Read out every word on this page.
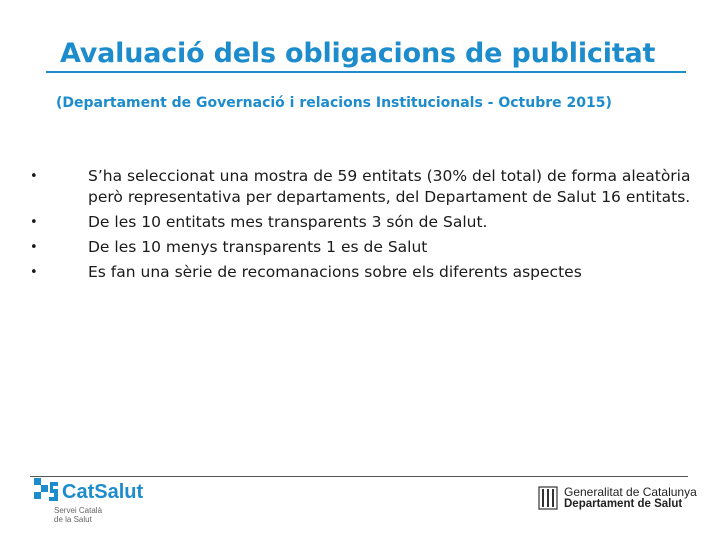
Avaluació dels obligacions de publicitat
(Departament de Governació i relacions Institucionals - Octubre 2015)
•	S’ha seleccionat una mostra de 59 entitats (30% del total) de forma aleatòria però representativa per departaments, del Departament de Salut 16 entitats.
•	De les 10 entitats mes transparents 3 són de Salut.
•	De les 10 menys transparents 1 es de Salut
•	Es fan una sèrie de recomanacions sobre els diferents aspectes
CatSalut
Servei Català
de la Salut
Generalitat de Catalunya
Departament de Salut
